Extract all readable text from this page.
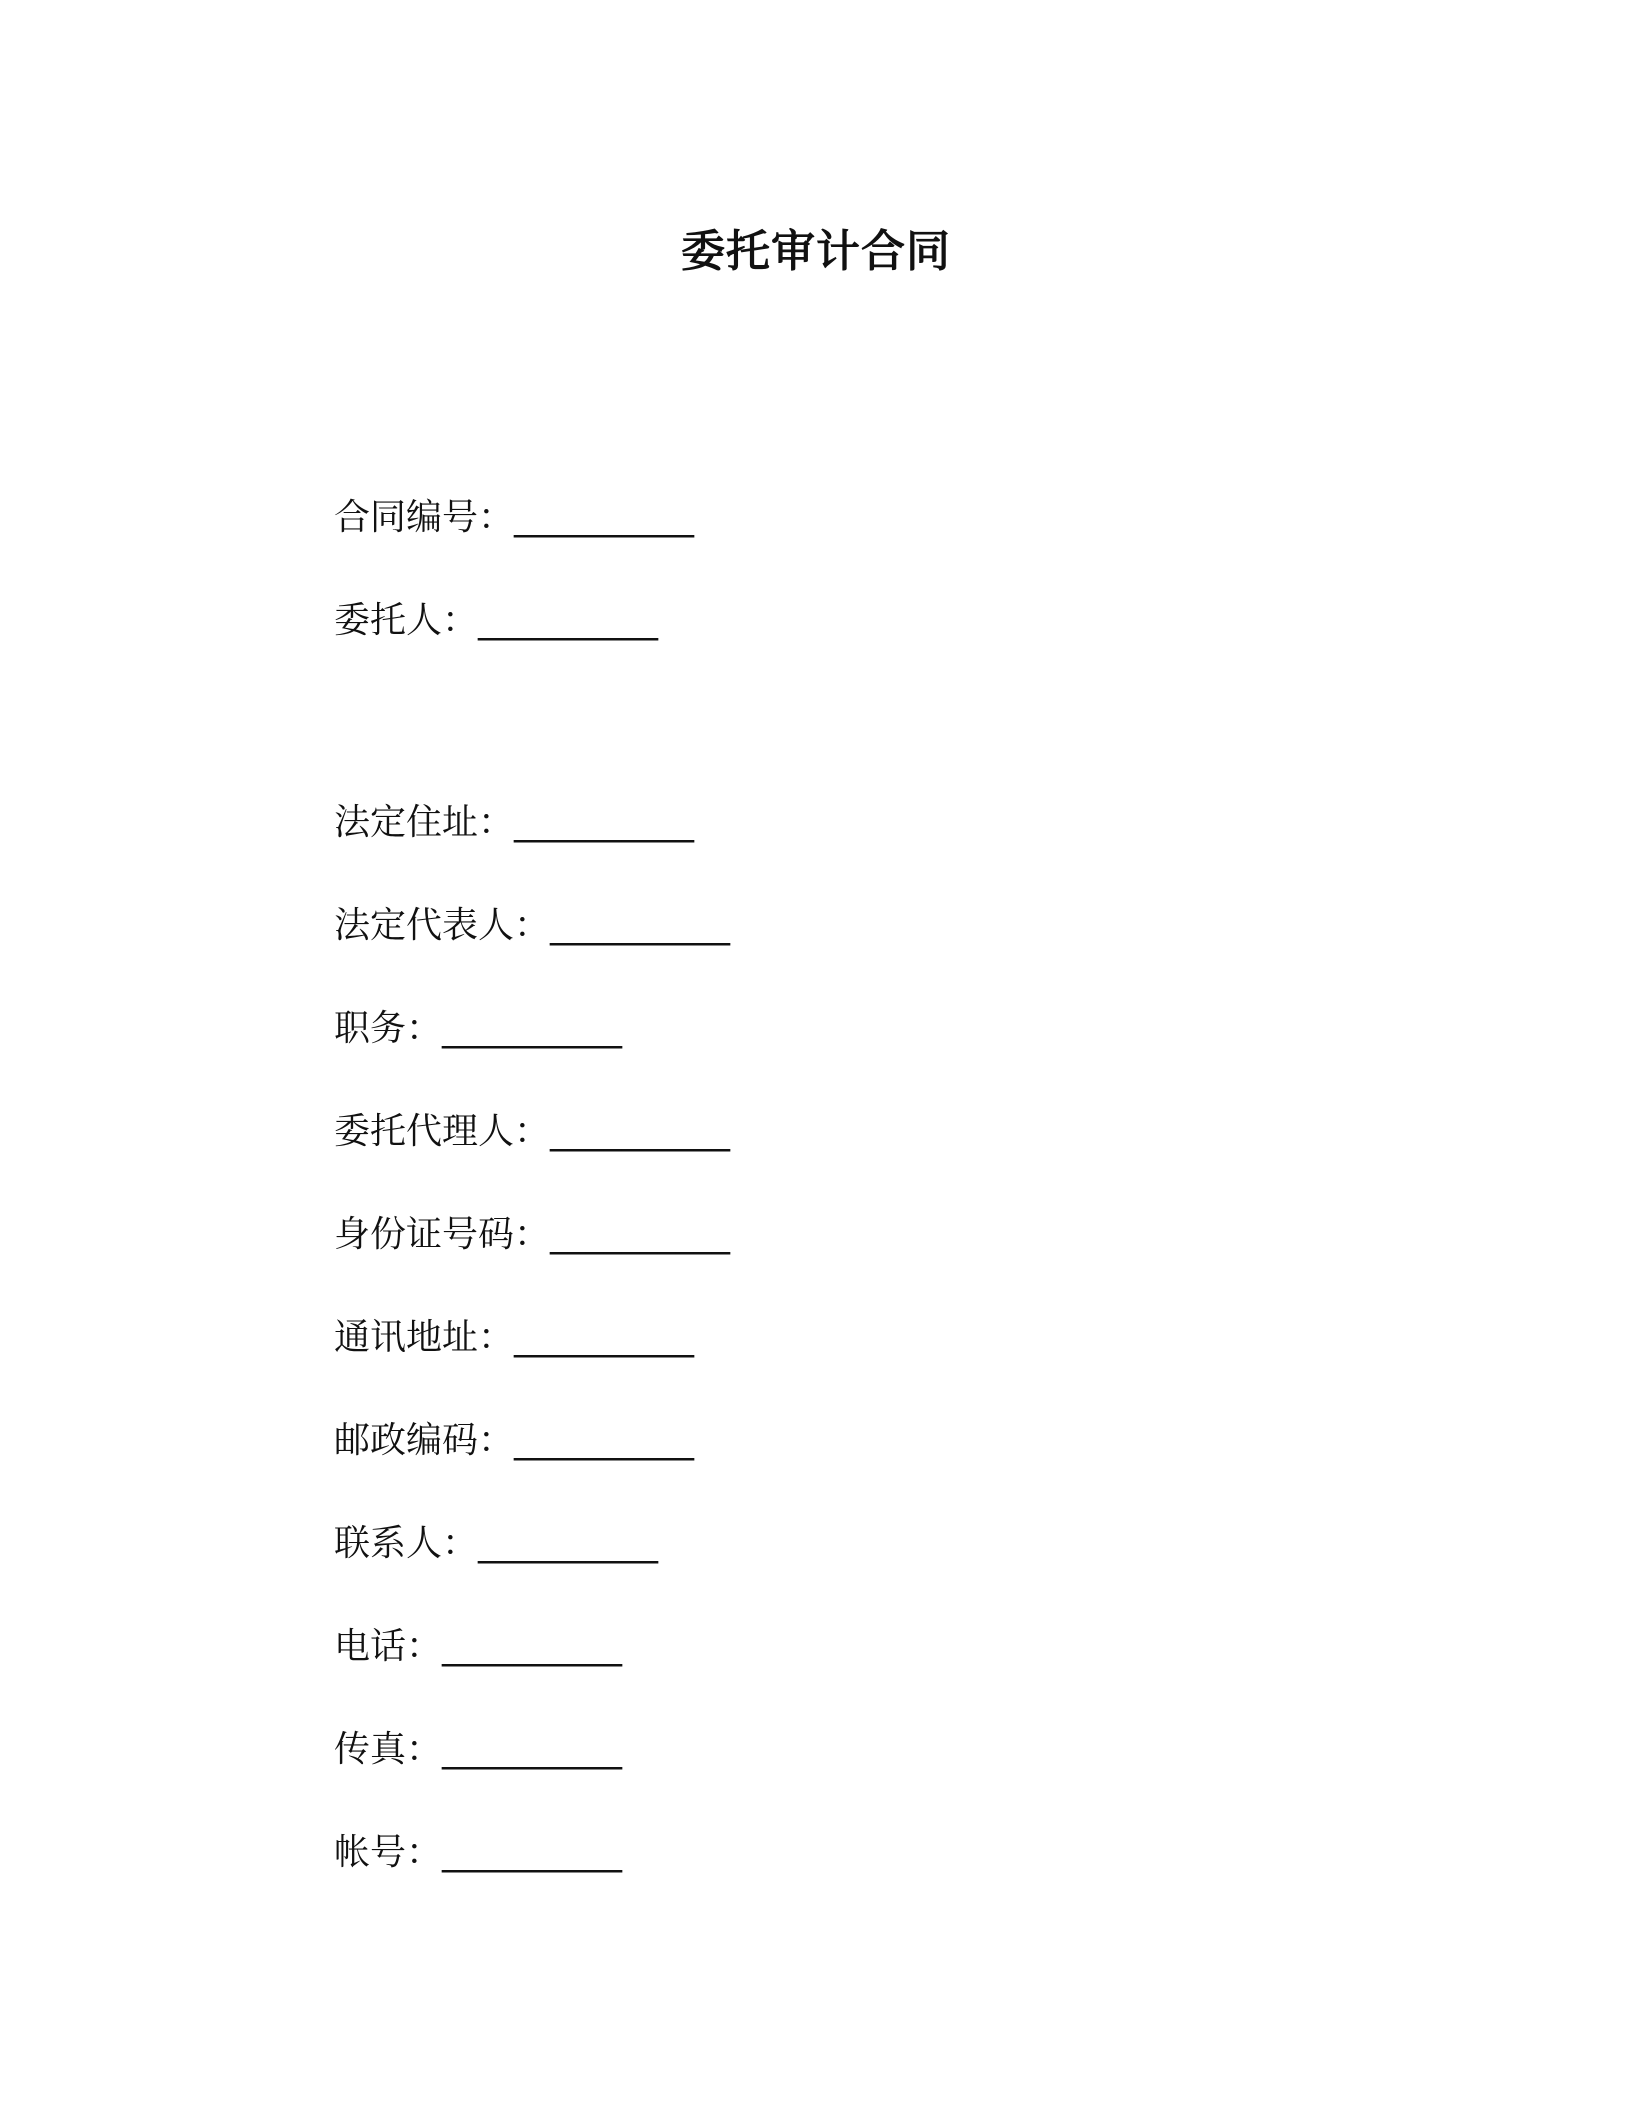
委托审计合同
合同编号：__________
委托人：__________
法定住址：__________
法定代表人：__________
职务：__________
委托代理人：__________
身份证号码：__________
通讯地址：__________
邮政编码：__________
联系人：__________
电话：__________
传真：__________
帐号：__________
